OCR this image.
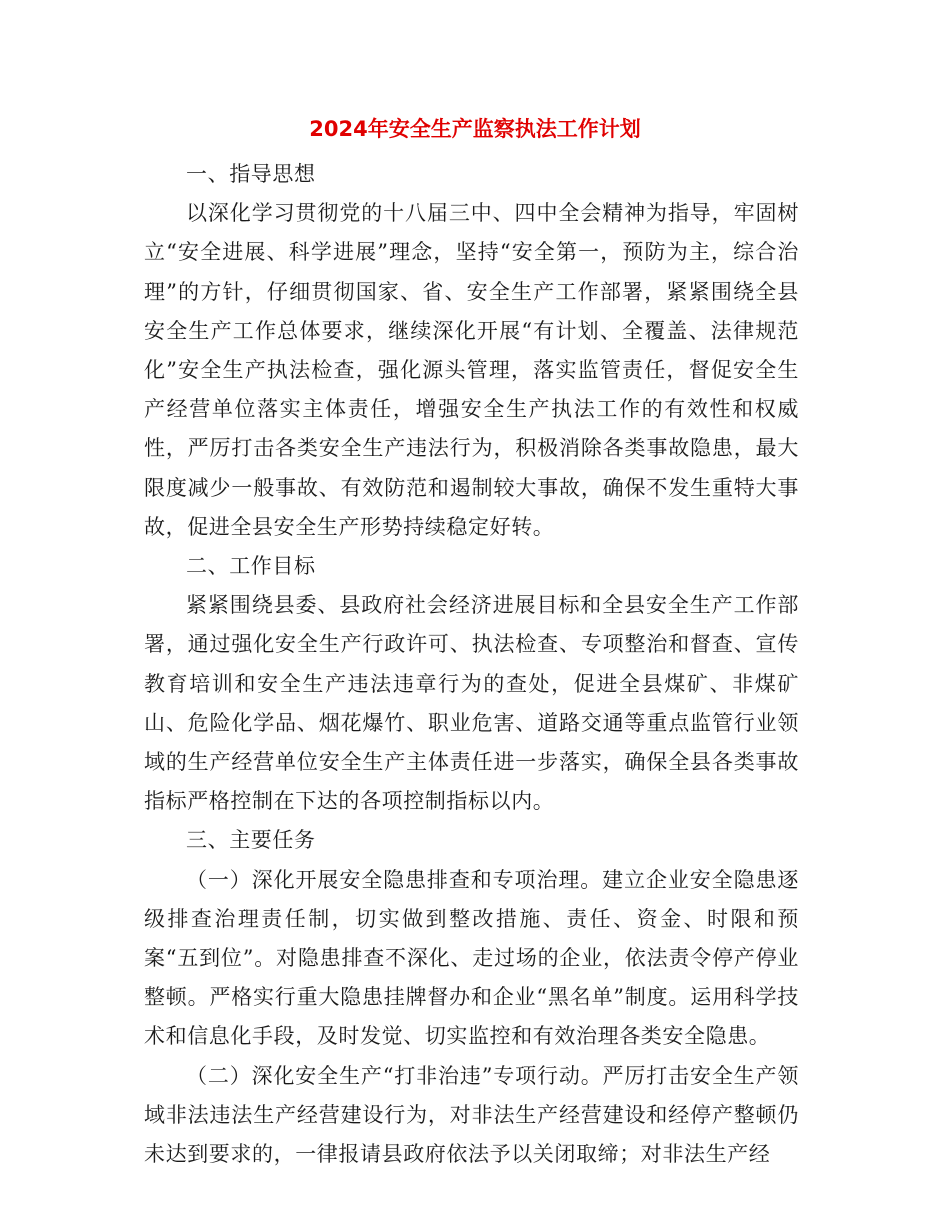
2024年安全生产监察执法工作计划

一、指导思想

以深化学习贯彻党的十八届三中、四中全会精神为指导，牢固树立“安全进展、科学进展”理念，坚持“安全第一，预防为主，综合治理”的方针，仔细贯彻国家、省、安全生产工作部署，紧紧围绕全县安全生产工作总体要求，继续深化开展“有计划、全覆盖、法律规范化”安全生产执法检查，强化源头管理，落实监管责任，督促安全生产经营单位落实主体责任，增强安全生产执法工作的有效性和权威性，严厉打击各类安全生产违法行为，积极消除各类事故隐患，最大限度减少一般事故、有效防范和遏制较大事故，确保不发生重特大事故，促进全县安全生产形势持续稳定好转。

二、工作目标

紧紧围绕县委、县政府社会经济进展目标和全县安全生产工作部署，通过强化安全生产行政许可、执法检查、专项整治和督查、宣传教育培训和安全生产违法违章行为的查处，促进全县煤矿、非煤矿山、危险化学品、烟花爆竹、职业危害、道路交通等重点监管行业领域的生产经营单位安全生产主体责任进一步落实，确保全县各类事故指标严格控制在下达的各项控制指标以内。

三、主要任务

（一）深化开展安全隐患排查和专项治理。建立企业安全隐患逐级排查治理责任制，切实做到整改措施、责任、资金、时限和预案“五到位”。对隐患排查不深化、走过场的企业，依法责令停产停业整顿。严格实行重大隐患挂牌督办和企业“黑名单”制度。运用科学技术和信息化手段，及时发觉、切实监控和有效治理各类安全隐患。

（二）深化安全生产“打非治违”专项行动。严厉打击安全生产领域非法违法生产经营建设行为，对非法生产经营建设和经停产整顿仍未达到要求的，一律报请县政府依法予以关闭取缔；对非法生产经
